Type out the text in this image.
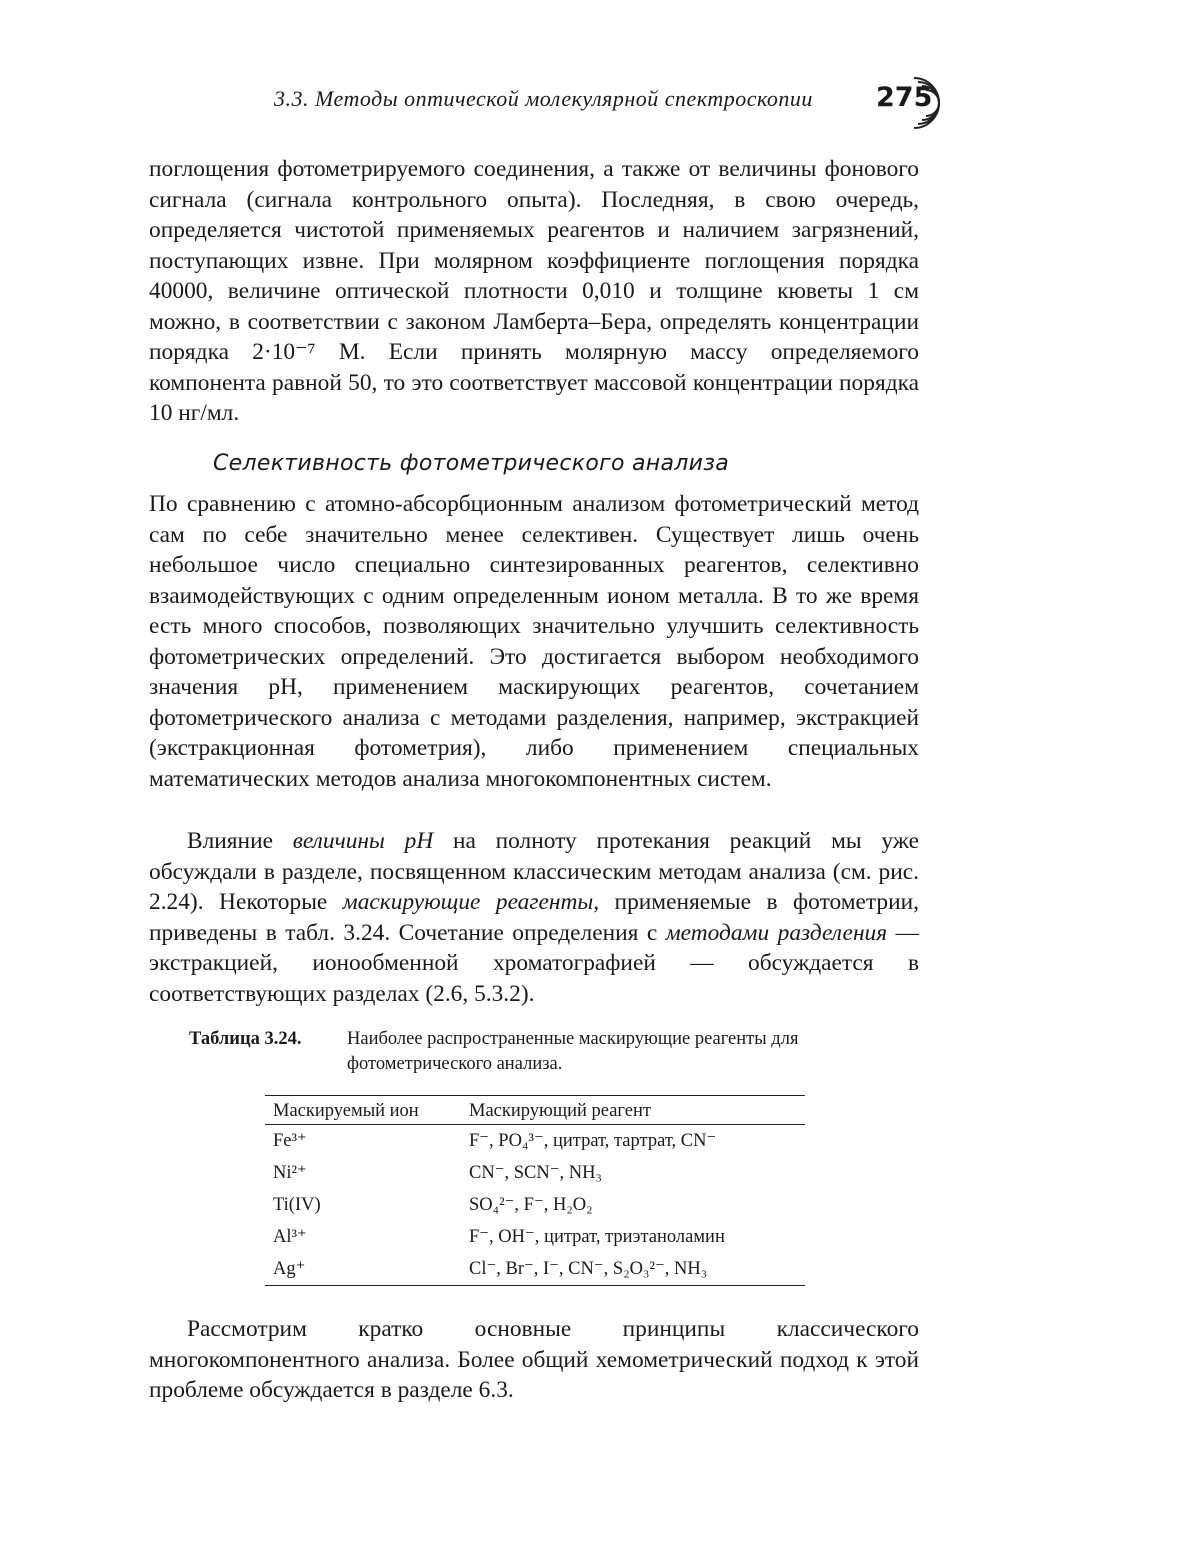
3.3. Методы оптической молекулярной спектроскопии 275

поглощения фотометрируемого соединения, а также от величины фонового сигнала (сигнала контрольного опыта). Последняя, в свою очередь, определяется чистотой применяемых реагентов и наличием загрязнений, поступающих извне. При молярном коэффициенте поглощения порядка 40000, величине оптической плотности 0,010 и толщине кюветы 1 см можно, в соответствии с законом Ламберта–Бера, определять концентрации порядка 2·10⁻⁷ М. Если принять молярную массу определяемого компонента равной 50, то это соответствует массовой концентрации порядка 10 нг/мл.

Селективность фотометрического анализа

По сравнению с атомно-абсорбционным анализом фотометрический метод сам по себе значительно менее селективен. Существует лишь очень небольшое число специально синтезированных реагентов, селективно взаимодействующих с одним определенным ионом металла. В то же время есть много способов, позволяющих значительно улучшить селективность фотометрических определений. Это достигается выбором необходимого значения pH, применением маскирующих реагентов, сочетанием фотометрического анализа с методами разделения, например, экстракцией (экстракционная фотометрия), либо применением специальных математических методов анализа многокомпонентных систем.

Влияние величины pH на полноту протекания реакций мы уже обсуждали в разделе, посвященном классическим методам анализа (см. рис. 2.24). Некоторые маскирующие реагенты, применяемые в фотометрии, приведены в табл. 3.24. Сочетание определения с методами разделения — экстракцией, ионообменной хроматографией — обсуждается в соответствующих разделах (2.6, 5.3.2).

Таблица 3.24. Наиболее распространенные маскирующие реагенты для фотометрического анализа.
Маскируемый ион	Маскирующий реагент
Fe³⁺	F⁻, PO₄³⁻, цитрат, тартрат, CN⁻
Ni²⁺	CN⁻, SCN⁻, NH₃
Ti(IV)	SO₄²⁻, F⁻, H₂O₂
Al³⁺	F⁻, OH⁻, цитрат, триэтаноламин
Ag⁺	Cl⁻, Br⁻, I⁻, CN⁻, S₂O₃²⁻, NH₃

Рассмотрим кратко основные принципы классического многокомпонентного анализа. Более общий хемометрический подход к этой проблеме обсуждается в разделе 6.3.
